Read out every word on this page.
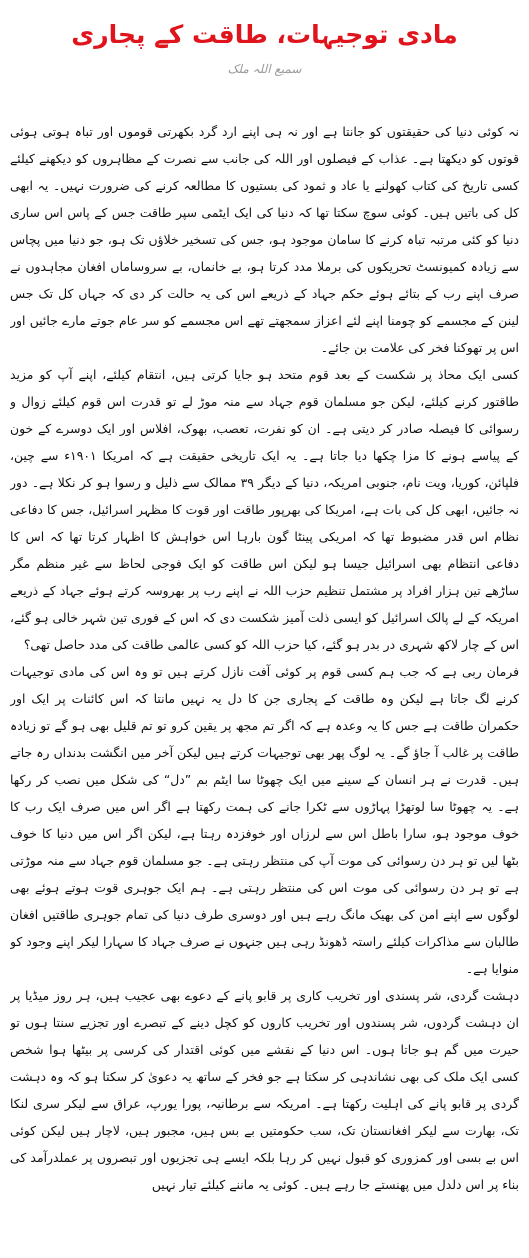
مادی توجیہات، طاقت کے پجاری
سمیع اللہ ملک

نہ کوئی دنیا کی حقیقتوں کو جانتا ہے اور نہ ہی اپنے ارد گرد بکھرتی قوموں اور تباہ ہوتی ہوئی قوتوں کو دیکھتا ہے۔ عذاب کے فیصلوں اور اللہ کی جانب سے نصرت کے مظاہروں کو دیکھنے کیلئے کسی تاریخ کی کتاب کھولنے یا عاد و ثمود کی بستیوں کا مطالعہ کرنے کی ضرورت نہیں۔ یہ ابھی کل کی باتیں ہیں۔ کوئی سوچ سکتا تھا کہ دنیا کی ایک ایٹمی سپر طاقت جس کے پاس اس ساری دنیا کو کئی مرتبہ تباہ کرنے کا سامان موجود ہو، جس کی تسخیر خلاؤں تک ہو، جو دنیا میں پچاس سے زیادہ کمیونسٹ تحریکوں کی برملا مدد کرتا ہو، بے خانماں، بے سروساماں افغان مجاہدوں نے صرف اپنے رب کے بتائے ہوئے حکم جہاد کے ذریعے اس کی یہ حالت کر دی کہ جہاں کل تک جس لینن کے مجسمے کو چومنا اپنے لئے اعزاز سمجھتے تھے اس مجسمے کو سر عام جوتے مارے جائیں اور اس پر تھوکنا فخر کی علامت بن جائے۔

کسی ایک محاذ پر شکست کے بعد قوم متحد ہو جایا کرتی ہیں، انتقام کیلئے، اپنے آپ کو مزید طاقتور کرنے کیلئے، لیکن جو مسلمان قوم جہاد سے منہ موڑ لے تو قدرت اس قوم کیلئے زوال و رسوائی کا فیصلہ صادر کر دیتی ہے۔ ان کو نفرت، تعصب، بھوک، افلاس اور ایک دوسرے کے خون کے پیاسے ہونے کا مزا چکھا دیا جاتا ہے۔ یہ ایک تاریخی حقیقت ہے کہ امریکا ۱۹۰۱ء سے چین، فلپائن، کوریا، ویت نام، جنوبی امریکہ، دنیا کے دیگر ۳۹ ممالک سے ذلیل و رسوا ہو کر نکلا ہے۔ دور نہ جائیں، ابھی کل کی بات ہے، امریکا کی بھرپور طاقت اور قوت کا مظہر اسرائیل، جس کا دفاعی نظام اس قدر مضبوط تھا کہ امریکی پینٹا گون بارہا اس خواہش کا اظہار کرتا تھا کہ اس کا دفاعی انتظام بھی اسرائیل جیسا ہو لیکن اس طاقت کو ایک فوجی لحاظ سے غیر منظم مگر ساڑھے تین ہزار افراد پر مشتمل تنظیم حزب اللہ نے اپنے رب پر بھروسہ کرتے ہوئے جہاد کے ذریعے امریکہ کے لے پالک اسرائیل کو ایسی ذلت آمیز شکست دی کہ اس کے فوری تین شہر خالی ہو گئے، اس کے چار لاکھ شہری در بدر ہو گئے، کیا حزب اللہ کو کسی عالمی طاقت کی مدد حاصل تھی؟

فرمان ربی ہے کہ جب ہم کسی قوم پر کوئی آفت نازل کرتے ہیں تو وہ اس کی مادی توجیہات کرنے لگ جاتا ہے لیکن وہ طاقت کے پجاری جن کا دل یہ نہیں مانتا کہ اس کائنات پر ایک اور حکمران طاقت ہے جس کا یہ وعدہ ہے کہ اگر تم مجھ پر یقین کرو تو تم قلیل بھی ہو گے تو زیادہ طاقت پر غالب آ جاؤ گے۔ یہ لوگ پھر بھی توجیہات کرتے ہیں لیکن آخر میں انگشت بدنداں رہ جاتے ہیں۔ قدرت نے ہر انسان کے سینے میں ایک چھوٹا سا ایٹم بم ”دل“ کی شکل میں نصب کر رکھا ہے۔ یہ چھوٹا سا لوتھڑا پہاڑوں سے ٹکرا جانے کی ہمت رکھتا ہے اگر اس میں صرف ایک رب کا خوف موجود ہو، سارا باطل اس سے لرزاں اور خوفزدہ رہتا ہے، لیکن اگر اس میں دنیا کا خوف بٹھا لیں تو ہر دن رسوائی کی موت آپ کی منتظر رہتی ہے۔ جو مسلمان قوم جہاد سے منہ موڑتی ہے تو ہر دن رسوائی کی موت اس کی منتظر رہتی ہے۔ ہم ایک جوہری قوت ہوتے ہوئے بھی لوگوں سے اپنے امن کی بھیک مانگ رہے ہیں اور دوسری طرف دنیا کی تمام جوہری طاقتیں افغان طالبان سے مذاکرات کیلئے راستہ ڈھونڈ رہی ہیں جنہوں نے صرف جہاد کا سہارا لیکر اپنے وجود کو منوایا ہے۔

دہشت گردی، شر پسندی اور تخریب کاری پر قابو پانے کے دعوے بھی عجیب ہیں، ہر روز میڈیا پر ان دہشت گردوں، شر پسندوں اور تخریب کاروں کو کچل دینے کے تبصرے اور تجزیے سنتا ہوں تو حیرت میں گم ہو جاتا ہوں۔ اس دنیا کے نقشے میں کوئی اقتدار کی کرسی پر بیٹھا ہوا شخص کسی ایک ملک کی بھی نشاندہی کر سکتا ہے جو فخر کے ساتھ یہ دعویٰ کر سکتا ہو کہ وہ دہشت گردی پر قابو پانے کی اہلیت رکھتا ہے۔ امریکہ سے برطانیہ، پورا یورپ، عراق سے لیکر سری لنکا تک، بھارت سے لیکر افغانستان تک، سب حکومتیں بے بس ہیں، مجبور ہیں، لاچار ہیں لیکن کوئی اس بے بسی اور کمزوری کو قبول نہیں کر رہا بلکہ ایسے ہی تجزیوں اور تبصروں پر عملدرآمد کی بناء پر اس دلدل میں پھنستے جا رہے ہیں۔ کوئی یہ ماننے کیلئے تیار نہیں
